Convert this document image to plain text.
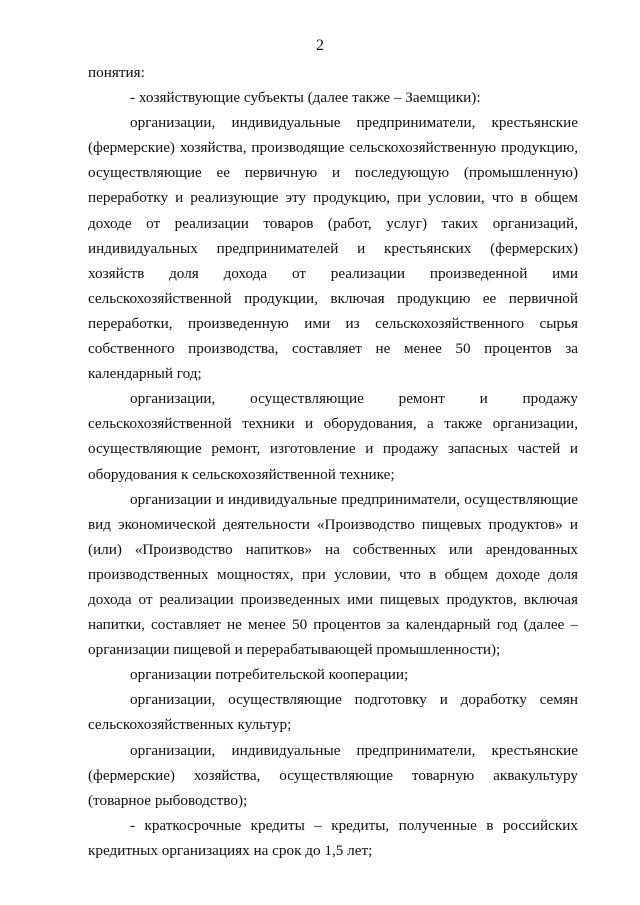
2

понятия:

- хозяйствующие субъекты (далее также – Заемщики):

организации, индивидуальные предприниматели, крестьянские (фермерские) хозяйства, производящие сельскохозяйственную продукцию, осуществляющие ее первичную и последующую (промышленную) переработку и реализующие эту продукцию, при условии, что в общем доходе от реализации товаров (работ, услуг) таких организаций, индивидуальных предпринимателей и крестьянских (фермерских) хозяйств доля дохода от реализации произведенной ими сельскохозяйственной продукции, включая продукцию ее первичной переработки, произведенную ими из сельскохозяйственного сырья собственного производства, составляет не менее 50 процентов за календарный год;

организации, осуществляющие ремонт и продажу сельскохозяйственной техники и оборудования, а также организации, осуществляющие ремонт, изготовление и продажу запасных частей и оборудования к сельскохозяйственной технике;

организации и индивидуальные предприниматели, осуществляющие вид экономической деятельности «Производство пищевых продуктов» и (или) «Производство напитков» на собственных или арендованных производственных мощностях, при условии, что в общем доходе доля дохода от реализации произведенных ими пищевых продуктов, включая напитки, составляет не менее 50 процентов за календарный год (далее – организации пищевой и перерабатывающей промышленности);

организации потребительской кооперации;

организации, осуществляющие подготовку и доработку семян сельскохозяйственных культур;

организации, индивидуальные предприниматели, крестьянские (фермерские) хозяйства, осуществляющие товарную аквакультуру (товарное рыбоводство);

- краткосрочные кредиты – кредиты, полученные в российских кредитных организациях на срок до 1,5 лет;
